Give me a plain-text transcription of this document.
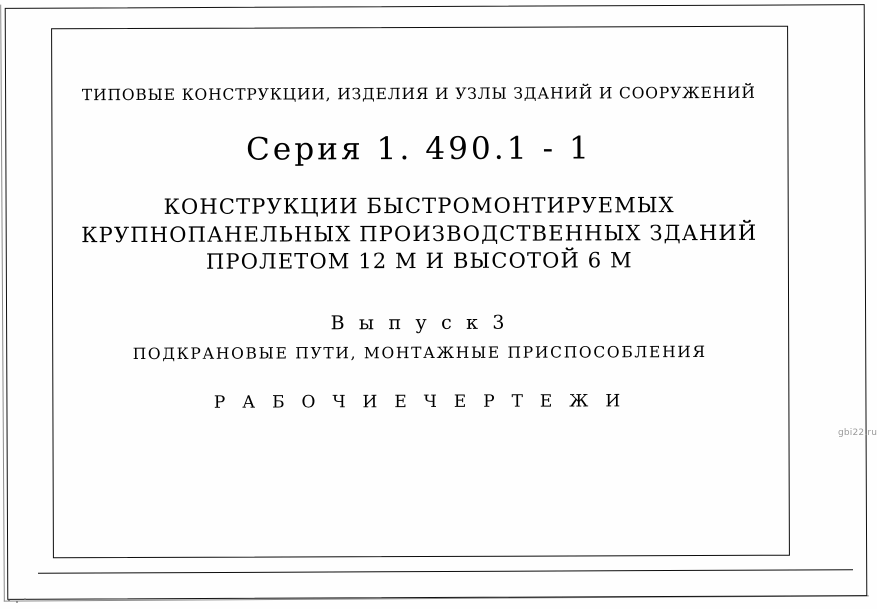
ТИПОВЫЕ КОНСТРУКЦИИ, ИЗДЕЛИЯ И УЗЛЫ ЗДАНИЙ И СООРУЖЕНИЙ
Серия 1. 490.1 - 1
КОНСТРУКЦИИ БЫСТРОМОНТИРУЕМЫХ
КРУПНОПАНЕЛЬНЫХ ПРОИЗВОДСТВЕННЫХ ЗДАНИЙ
ПРОЛЕТОМ 12 М И ВЫСОТОЙ 6 М
В ы п у с к 3
ПОДКРАНОВЫЕ ПУТИ, МОНТАЖНЫЕ ПРИСПОСОБЛЕНИЯ
Р А Б О Ч И Е Ч Е Р Т Е Ж И
gbi22.ru
